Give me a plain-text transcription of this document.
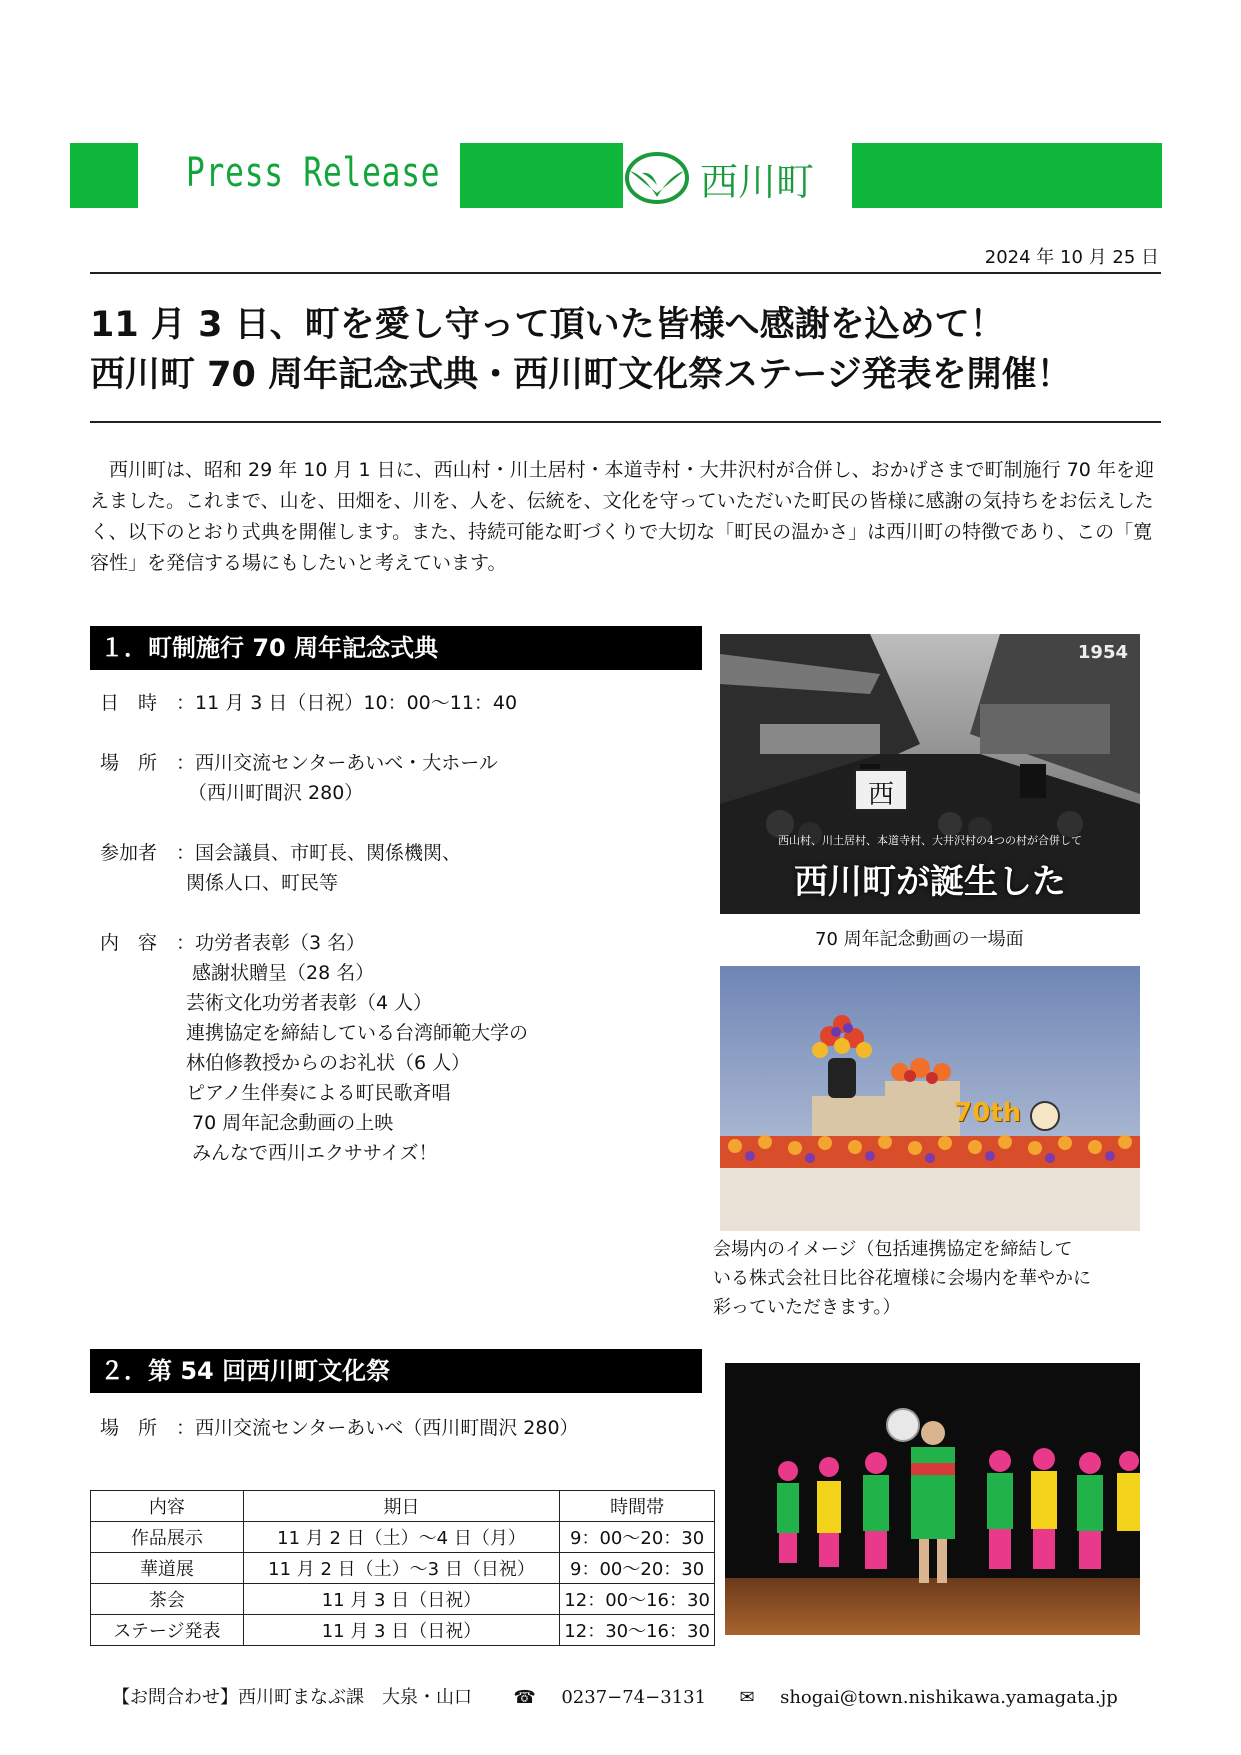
Press Release	西川町
2024 年 10 月 25 日
11 月 3 日、町を愛し守って頂いた皆様へ感謝を込めて！
西川町 70 周年記念式典・西川町文化祭ステージ発表を開催！

西川町は、昭和 29 年 10 月 1 日に、西山村・川土居村・本道寺村・大井沢村が合併し、おかげさまで町制施行 70 年を迎えました。これまで、山を、田畑を、川を、人を、伝統を、文化を守っていただいた町民の皆様に感謝の気持ちをお伝えしたく、以下のとおり式典を開催します。また、持続可能な町づくりで大切な「町民の温かさ」は西川町の特徴であり、この「寛容性」を発信する場にもしたいと考えています。

１．町制施行 70 周年記念式典
日　時 ：11 月 3 日（日祝）10：00～11：40
場　所 ：西川交流センターあいべ・大ホール
（西川町間沢 280）
参加者 ：国会議員、市町長、関係機関、
関係人口、町民等
内　容 ：功労者表彰（3 名）
感謝状贈呈（28 名）
芸術文化功労者表彰（4 人）
連携協定を締結している台湾師範大学の
林伯修教授からのお礼状（6 人）
ピアノ生伴奏による町民歌斉唱
70 周年記念動画の上映
みんなで西川エクササイズ！
1954
西
西山村、川土居村、本道寺村、大井沢村の4つの村が合併して
西川町が誕生した
70 周年記念動画の一場面
70th
会場内のイメージ（包括連携協定を締結して
いる株式会社日比谷花壇様に会場内を華やかに
彩っていただきます。）
２．第 54 回西川町文化祭
場　所 ：西川交流センターあいべ（西川町間沢 280）
内容	期日	時間帯
作品展示	11 月 2 日（土）～4 日（月）	9：00～20：30
華道展	11 月 2 日（土）～3 日（日祝）	9：00～20：30
茶会	11 月 3 日（日祝）	12：00～16：30
ステージ発表	11 月 3 日（日祝）	12：30～16：30
【お問合わせ】西川町まなぶ課　大泉・山口 ☎ 0237−74−3131 ✉ shogai@town.nishikawa.yamagata.jp
